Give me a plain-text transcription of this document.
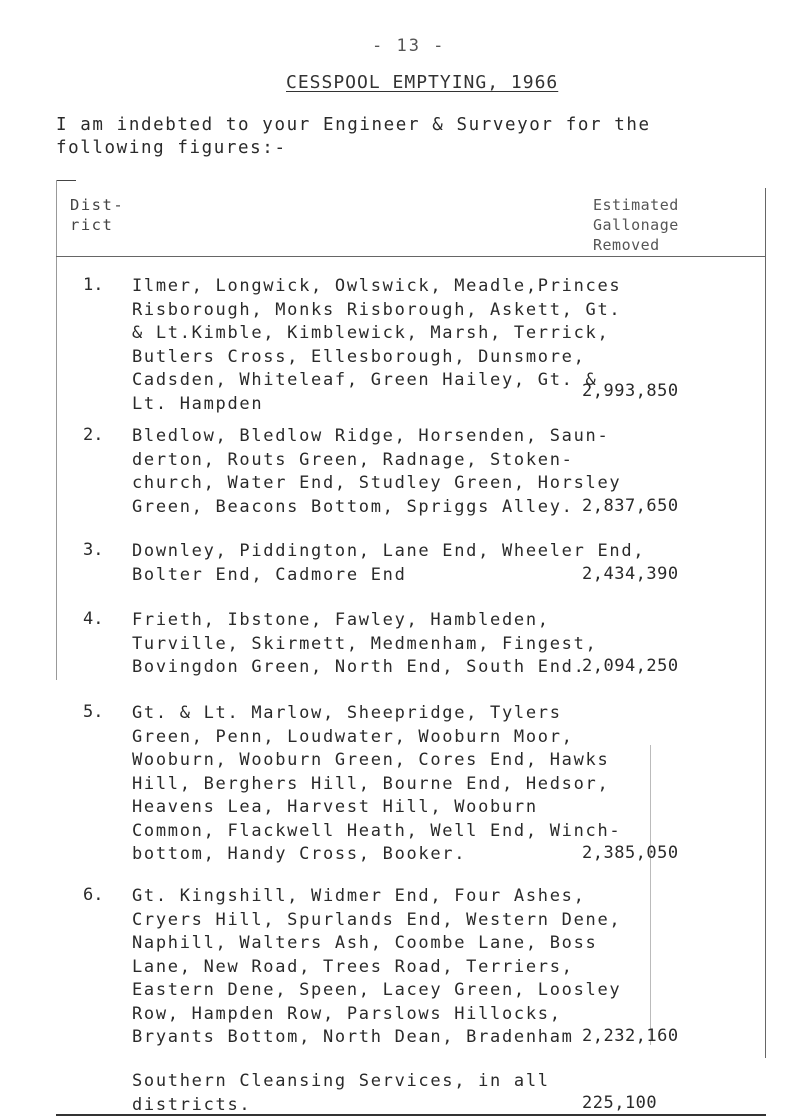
- 13 -
CESSPOOL EMPTYING, 1966
I am indebted to your Engineer & Surveyor for the
following figures:-
Dist-
rict
Estimated
Gallonage
Removed
1. Ilmer, Longwick, Owlswick, Meadle,Princes
Risborough, Monks Risborough, Askett, Gt.
& Lt.Kimble, Kimblewick, Marsh, Terrick,
Butlers Cross, Ellesborough, Dunsmore,
Cadsden, Whiteleaf, Green Hailey, Gt. &
Lt. Hampden
2,993,850
2. Bledlow, Bledlow Ridge, Horsenden, Saun-
derton, Routs Green, Radnage, Stoken-
church, Water End, Studley Green, Horsley
Green, Beacons Bottom, Spriggs Alley. 2,837,650
3. Downley, Piddington, Lane End, Wheeler End,
Bolter End, Cadmore End	2,434,390
4. Frieth, Ibstone, Fawley, Hambleden,
Turville, Skirmett, Medmenham, Fingest,
Bovingdon Green, North End, South End.
2,094,250
5. Gt. & Lt. Marlow, Sheepridge, Tylers
Green, Penn, Loudwater, Wooburn Moor,
Wooburn, Wooburn Green, Cores End, Hawks
Hill, Berghers Hill, Bourne End, Hedsor,
Heavens Lea, Harvest Hill, Wooburn
Common, Flackwell Heath, Well End, Winch-
bottom, Handy Cross, Booker.	2,385,050
6. Gt. Kingshill, Widmer End, Four Ashes,
Cryers Hill, Spurlands End, Western Dene,
Naphill, Walters Ash, Coombe Lane, Boss
Lane, New Road, Trees Road, Terriers,
Eastern Dene, Speen, Lacey Green, Loosley
Row, Hampden Row, Parslows Hillocks,
Bryants Bottom, North Dean, Bradenham 2,232,160
Southern Cleansing Services, in all
districts.	225,100
